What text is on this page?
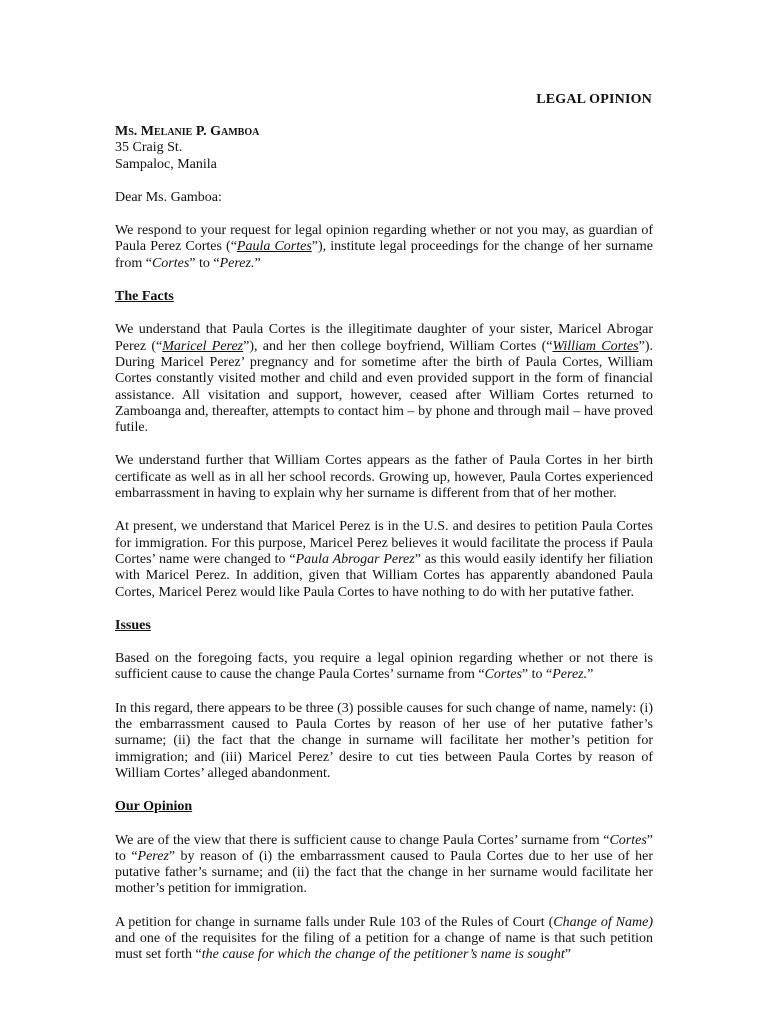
LEGAL OPINION
Ms. Melanie P. Gamboa
35 Craig St.
Sampaloc, Manila
Dear Ms. Gamboa:

We respond to your request for legal opinion regarding whether or not you may, as guardian of Paula Perez Cortes (“Paula Cortes”), institute legal proceedings for the change of her surname from “Cortes” to “Perez.”

The Facts

We understand that Paula Cortes is the illegitimate daughter of your sister, Maricel Abrogar Perez (“Maricel Perez”), and her then college boyfriend, William Cortes (“William Cortes”). During Maricel Perez’ pregnancy and for sometime after the birth of Paula Cortes, William Cortes constantly visited mother and child and even provided support in the form of financial assistance. All visitation and support, however, ceased after William Cortes returned to Zamboanga and, thereafter, attempts to contact him – by phone and through mail – have proved futile.

We understand further that William Cortes appears as the father of Paula Cortes in her birth certificate as well as in all her school records. Growing up, however, Paula Cortes experienced embarrassment in having to explain why her surname is different from that of her mother.

At present, we understand that Maricel Perez is in the U.S. and desires to petition Paula Cortes for immigration. For this purpose, Maricel Perez believes it would facilitate the process if Paula Cortes’ name were changed to “Paula Abrogar Perez” as this would easily identify her filiation with Maricel Perez. In addition, given that William Cortes has apparently abandoned Paula Cortes, Maricel Perez would like Paula Cortes to have nothing to do with her putative father.

Issues

Based on the foregoing facts, you require a legal opinion regarding whether or not there is sufficient cause to cause the change Paula Cortes’ surname from “Cortes” to “Perez.”

In this regard, there appears to be three (3) possible causes for such change of name, namely: (i) the embarrassment caused to Paula Cortes by reason of her use of her putative father’s surname; (ii) the fact that the change in surname will facilitate her mother’s petition for immigration; and (iii) Maricel Perez’ desire to cut ties between Paula Cortes by reason of William Cortes’ alleged abandonment.

Our Opinion

We are of the view that there is sufficient cause to change Paula Cortes’ surname from “Cortes” to “Perez” by reason of (i) the embarrassment caused to Paula Cortes due to her use of her putative father’s surname; and (ii) the fact that the change in her surname would facilitate her mother’s petition for immigration.

A petition for change in surname falls under Rule 103 of the Rules of Court (Change of Name) and one of the requisites for the filing of a petition for a change of name is that such petition must set forth “the cause for which the change of the petitioner’s name is sought”
